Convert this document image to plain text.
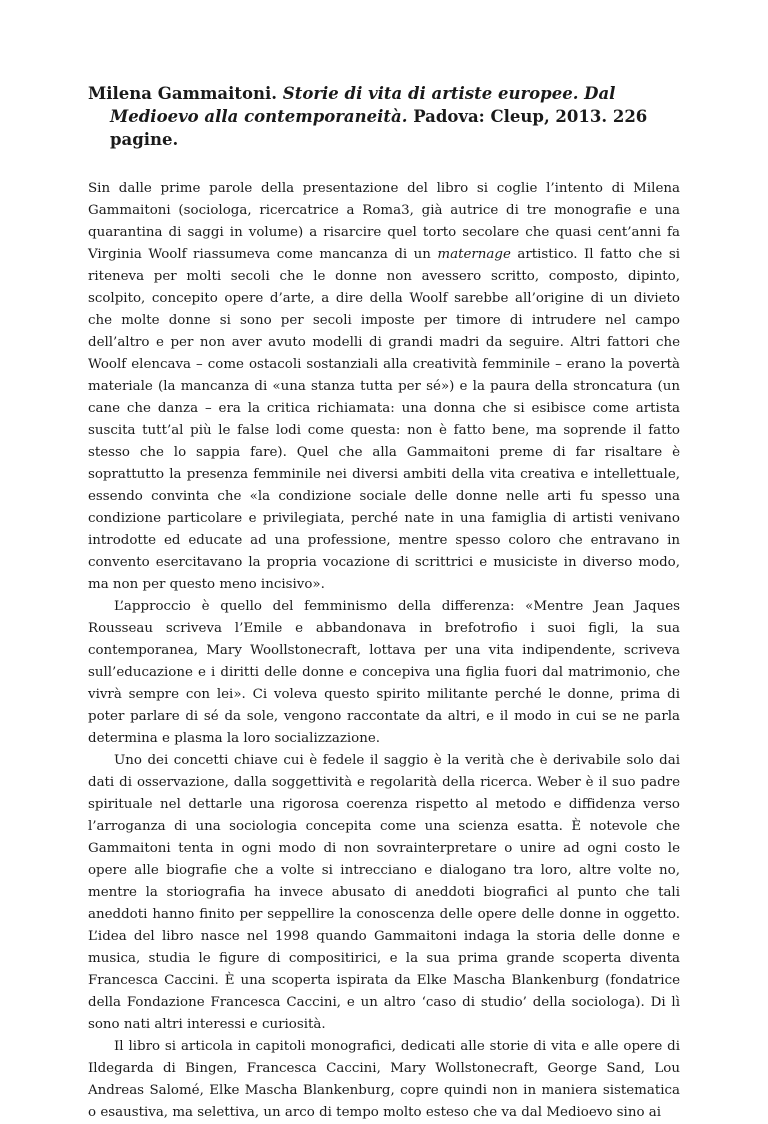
Milena Gammaitoni. Storie di vita di artiste europee. Dal Medioevo alla contemporaneità. Padova: Cleup, 2013. 226 pagine.

Sin dalle prime parole della presentazione del libro si coglie l’intento di Milena Gammaitoni (sociologa, ricercatrice a Roma3, già autrice di tre monografie e una quarantina di saggi in volume) a risarcire quel torto secolare che quasi cent’anni fa Virginia Woolf riassumeva come mancanza di un maternage artistico. Il fatto che si riteneva per molti secoli che le donne non avessero scritto, composto, dipinto, scolpito, concepito opere d’arte, a dire della Woolf sarebbe all’origine di un divieto che molte donne si sono per secoli imposte per timore di intrudere nel campo dell’altro e per non aver avuto modelli di grandi madri da seguire. Altri fattori che Woolf elencava – come ostacoli sostanziali alla creatività femminile – erano la povertà materiale (la mancanza di «una stanza tutta per sé») e la paura della stroncatura (un cane che danza – era la critica richiamata: una donna che si esibisce come artista suscita tutt’al più le false lodi come questa: non è fatto bene, ma soprende il fatto stesso che lo sappia fare). Quel che alla Gammaitoni preme di far risaltare è soprattutto la presenza femminile nei diversi ambiti della vita creativa e intellettuale, essendo convinta che «la condizione sociale delle donne nelle arti fu spesso una condizione particolare e privilegiata, perché nate in una famiglia di artisti venivano introdotte ed educate ad una professione, mentre spesso coloro che entravano in convento esercitavano la propria vocazione di scrittrici e musiciste in diverso modo, ma non per questo meno incisivo».

L’approccio è quello del femminismo della differenza: «Mentre Jean Jaques Rousseau scriveva l’Emile e abbandonava in brefotrofio i suoi figli, la sua contemporanea, Mary Woollstonecraft, lottava per una vita indipendente, scriveva sull’educazione e i diritti delle donne e concepiva una figlia fuori dal matrimonio, che vivrà sempre con lei». Ci voleva questo spirito militante perché le donne, prima di poter parlare di sé da sole, vengono raccontate da altri, e il modo in cui se ne parla determina e plasma la loro socializzazione.

Uno dei concetti chiave cui è fedele il saggio è la verità che è derivabile solo dai dati di osservazione, dalla soggettività e regolarità della ricerca. Weber è il suo padre spirituale nel dettarle una rigorosa coerenza rispetto al metodo e diffidenza verso l’arroganza di una sociologia concepita come una scienza esatta. È notevole che Gammaitoni tenta in ogni modo di non sovrainterpretare o unire ad ogni costo le opere alle biografie che a volte si intrecciano e dialogano tra loro, altre volte no, mentre la storiografia ha invece abusato di aneddoti biografici al punto che tali aneddoti hanno finito per seppellire la conoscenza delle opere delle donne in oggetto. L’idea del libro nasce nel 1998 quando Gammaitoni indaga la storia delle donne e musica, studia le figure di compositirici, e la sua prima grande scoperta diventa Francesca Caccini. È una scoperta ispirata da Elke Mascha Blankenburg (fondatrice della Fondazione Francesca Caccini, e un altro ‘caso di studio’ della sociologa). Di lì sono nati altri interessi e curiosità.

Il libro si articola in capitoli monografici, dedicati alle storie di vita e alle opere di Ildegarda di Bingen, Francesca Caccini, Mary Wollstonecraft, George Sand, Lou Andreas Salomé, Elke Mascha Blankenburg, copre quindi non in maniera sistematica o esaustiva, ma selettiva, un arco di tempo molto esteso che va dal Medioevo sino ai
